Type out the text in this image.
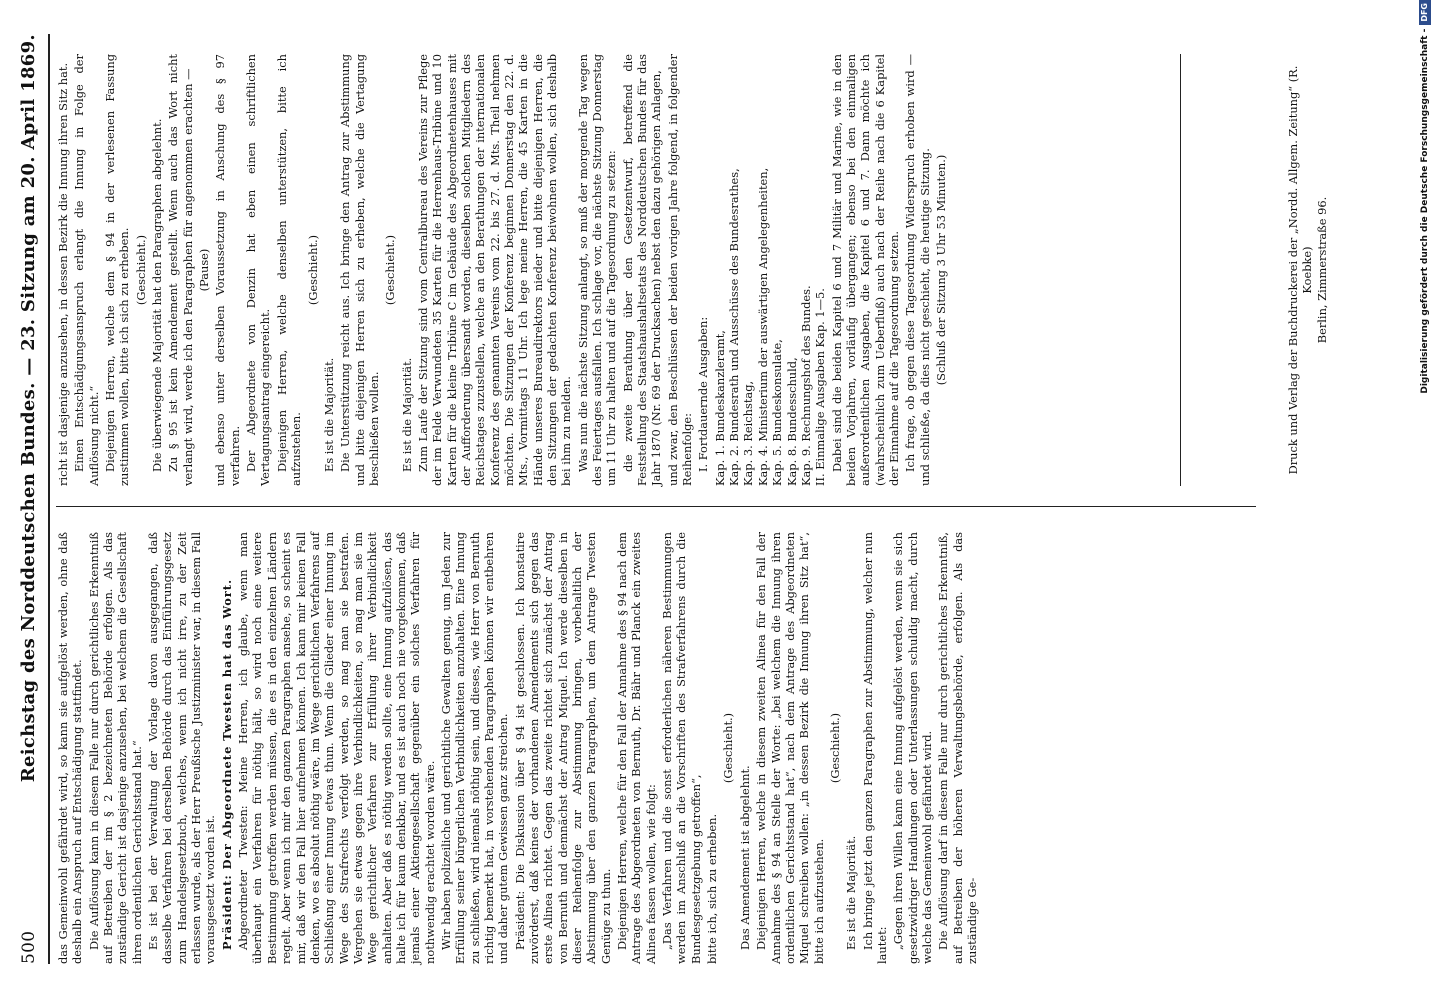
500
Reichstag des Norddeutschen Bundes. — 23. Sitzung am 20. April 1869. das Gemeinwohl gefährdet wird, so kann sie aufgelöst werden, ohne daß deshalb ein Anspruch auf Entschädigung stattfindet. Die Auflösung kann in diesem Falle nur durch gerichtliches Erkenntniß auf Betreiben der im § 2 bezeichneten Behörde erfolgen. Als das zuständige Gericht ist dasjenige anzusehen, bei welchem die Gesellschaft ihren ordentlichen Gerichtsstand hat.“ Es ist bei der Verwaltung der Vorlage davon ausgegangen, daß dasselbe Verfahren bei derselben Behörde durch das Einführungsgesetz zum Handelsgesetzbuch, welches, wenn ich nicht irre, zu der Zeit erlassen wurde, als der Herr Preußische Justizminister war, in diesem Fall vorausgesetzt worden ist. Präsident: Der Abgeordnete Twesten hat das Wort. Abgeordneter Twesten: Meine Herren, ich glaube, wenn man überhaupt ein Verfahren für nöthig hält, so wird noch eine weitere Bestimmung getroffen werden müssen, die es in den einzelnen Ländern regelt. Aber wenn ich mir den ganzen Paragraphen ansehe, so scheint es mir, daß wir den Fall hier aufnehmen können. Ich kann mir keinen Fall denken, wo es absolut nöthig wäre, im Wege gerichtlichen Verfahrens auf Schließung einer Innung etwas thun. Wenn die Glieder einer Innung im Wege des Strafrechts verfolgt werden, so mag man sie bestrafen. Vergehen sie etwas gegen ihre Verbindlichkeiten, so mag man sie im Wege gerichtlicher Verfahren zur Erfüllung ihrer Verbindlichkeit anhalten. Aber daß es nöthig werden sollte, eine Innung aufzulösen, das halte ich für kaum denkbar, und es ist auch noch nie vorgekommen, daß jemals einer Aktiengesellschaft gegenüber ein solches Verfahren für nothwendig erachtet worden wäre. Wir haben polizeiliche und gerichtliche Gewalten genug, um Jeden zur Erfüllung seiner bürgerlichen Verbindlichkeiten anzuhalten. Eine Innung zu schließen, wird niemals nöthig sein, und dieses, wie Herr von Bernuth richtig bemerkt hat, in vorstehenden Paragraphen können wir entbehren und daher gutem Gewissen ganz streichen. Präsident: Die Diskussion über § 94 ist geschlossen. Ich konstatire zuvörderst, daß keines der vorhandenen Amendements sich gegen das erste Alinea richtet. Gegen das zweite richtet sich zunächst der Antrag von Bernuth und demnächst der Antrag Miquel. Ich werde dieselben in dieser Reihenfolge zur Abstimmung bringen, vorbehaltlich der Abstimmung über den ganzen Paragraphen, um dem Antrage Twesten Genüge zu thun. Diejenigen Herren, welche für den Fall der Annahme des § 94 nach dem Antrage des Abgeordneten von Bernuth, Dr. Bähr und Planck ein zweites Alinea fassen wollen, wie folgt: „Das Verfahren und die sonst erforderlichen näheren Bestimmungen werden im Anschluß an die Vorschriften des Strafverfahrens durch die Bundesgesetzgebung getroffen“, bitte ich, sich zu erheben.

(Geschieht.)

Das Amendement ist abgelehnt. Diejenigen Herren, welche in diesem zweiten Alinea für den Fall der Annahme des § 94 an Stelle der Worte: „bei welchem die Innung ihren ordentlichen Gerichtsstand hat“, nach dem Antrage des Abgeordneten Miquel schreiben wollen: „in dessen Bezirk die Innung ihren Sitz hat“, bitte ich aufzustehen.

(Geschieht.)

Es ist die Majorität. Ich bringe jetzt den ganzen Paragraphen zur Abstimmung, welcher nun lautet: „Gegen ihren Willen kann eine Innung aufgelöst werden, wenn sie sich gesetzwidriger Handlungen oder Unterlassungen schuldig macht, durch welche das Gemeinwohl gefährdet wird. Die Auflösung darf in diesem Falle nur durch gerichtliches Erkenntniß, auf Betreiben der höheren Verwaltungsbehörde, erfolgen. Als das zuständige Ge-

richt ist dasjenige anzusehen, in dessen Bezirk die Innung ihren Sitz hat. Einen Entschädigungsanspruch erlangt die Innung in Folge der Auflösung nicht.“ Diejenigen Herren, welche dem § 94 in der verlesenen Fassung zustimmen wollen, bitte ich sich zu erheben. (Geschieht.) Die überwiegende Majorität hat den Paragraphen abgelehnt. Zu § 95 ist kein Amendement gestellt. Wenn auch das Wort nicht verlangt wird, werde ich den Paragraphen für angenommen erachten — (Pause) und ebenso unter derselben Voraussetzung in Anschung des § 97 verfahren. Der Abgeordnete von Denzin hat eben einen schriftlichen Vertagungsantrag eingereicht. Diejenigen Herren, welche denselben unterstützen, bitte ich aufzustehen.

(Geschieht.)

Es ist die Majorität. Die Unterstützung reicht aus. Ich bringe den Antrag zur Abstimmung und bitte diejenigen Herren sich zu erheben, welche die Vertagung beschließen wollen.

(Geschieht.)

Es ist die Majorität. Zum Laufe der Sitzung sind vom Centralbureau des Vereins zur Pflege der im Felde Verwundeten 35 Karten für die Herrenhaus-Tribüne und 10 Karten für die kleine Tribüne C im Gebäude des Abgeordnetenhauses mit der Aufforderung übersandt worden, dieselben solchen Mitgliedern des Reichstages zuzustellen, welche an den Berathungen der internationalen Konferenz des genannten Vereins vom 22. bis 27. d. Mts. Theil nehmen möchten. Die Sitzungen der Konferenz beginnen Donnerstag den 22. d. Mts., Vormittags 11 Uhr. Ich lege meine Herren, die 45 Karten in die Hände unseres Bureaudirektors nieder und bitte diejenigen Herren, die den Sitzungen der gedachten Konferenz beiwohnen wollen, sich deshalb bei ihm zu melden. Was nun die nächste Sitzung anlangt, so muß der morgende Tag wegen des Feiertages ausfallen. Ich schlage vor, die nächste Sitzung Donnerstag um 11 Uhr zu halten und auf die Tagesordnung zu setzen: die zweite Berathung über den Gesetzentwurf, betreffend die Feststellung des Staatshaushaltsetats des Norddeutschen Bundes für das Jahr 1870 (Nr. 69 der Drucksachen) nebst den dazu gehörigen Anlagen, und zwar, den Beschlüssen der beiden vorigen Jahre folgend, in folgender Reihenfolge: I. Fortdauernde Ausgaben: Kap. 1. Bundeskanzleramt, Kap. 2. Bundesrath und Ausschüsse des Bundesrathes, Kap. 3. Reichstag, Kap. 4. Ministerium der auswärtigen Angelegenheiten, Kap. 5. Bundeskonsulate, Kap. 8. Bundesschuld, Kap. 9. Rechnungshof des Bundes. II. Einmalige Ausgaben Kap. 1—5. Dabei sind die beiden Kapitel 6 und 7 Militär und Marine, wie in den beiden Vorjahren, vorläufig übergangen; ebenso bei den einmaligen außerordentlichen Ausgaben, die Kapitel 6 und 7. Dann möchte ich (wahrscheinlich zum Ueberfluß) auch nach der Reihe nach die 6 Kapitel der Einnahme auf die Tagesordnung setzen. Ich frage, ob gegen diese Tagesordnung Widerspruch erhoben wird — und schließe, da dies nicht geschieht, die heutige Sitzung. (Schluß der Sitzung 3 Uhr 53 Minuten.)	Druck und Verlag der Buchdruckerei der „Nordd. Allgem. Zeitung“ (R. Koebke) Berlin, Zimmerstraße 96.	Digitalisierung gefördert durch die Deutsche Forschungsgemeinschaft -
DFG
